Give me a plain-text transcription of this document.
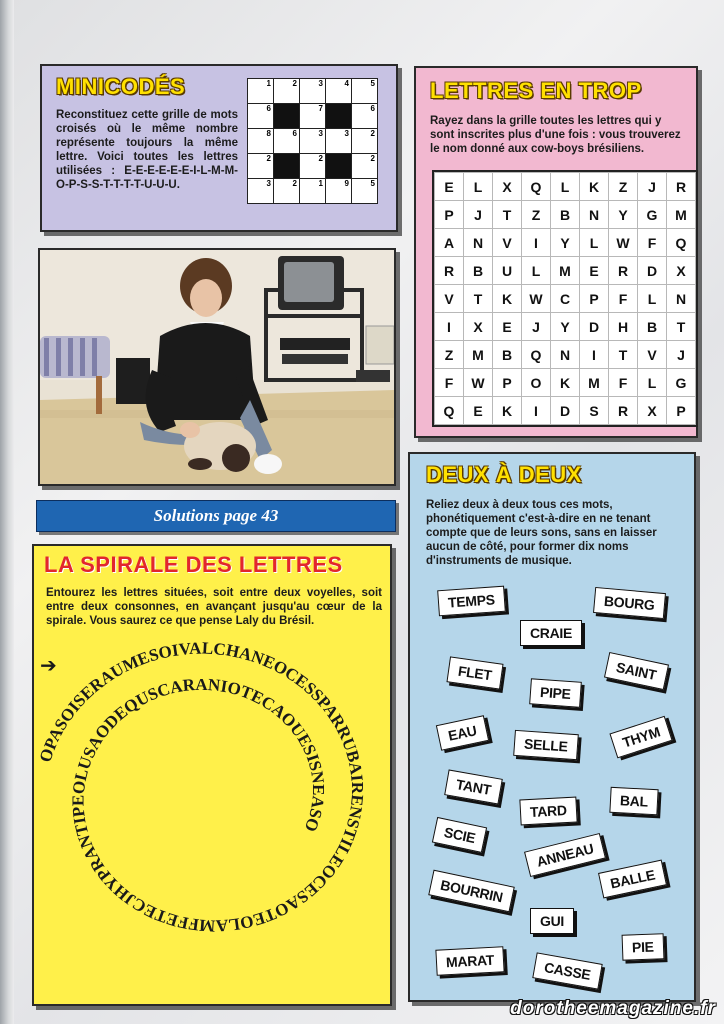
MINICODÉS
Reconstituez cette grille de mots croisés où le même nombre représente toujours la même lettre. Voici toutes les lettres utilisées : E-E-E-E-E-E-I-L-M-M-O-P-S-S-T-T-T-T-U-U-U.
1	2	3	4	5
6		7		6
8	6	3	3	2
2		2		2
3	2	1	9	5
LETTRES EN TROP
Rayez dans la grille toutes les lettres qui y sont inscrites plus d'une fois : vous trouverez le nom donné aux cow-boys brésiliens.
E	L	X	Q	L	K	Z	J	R
P	J	T	Z	B	N	Y	G	M
A	N	V	I	Y	L	W	F	Q
R	B	U	L	M	E	R	D	X
V	T	K	W	C	P	F	L	N
I	X	E	J	Y	D	H	B	T
Z	M	B	Q	N	I	T	V	J
F	W	P	O	K	M	F	L	G
Q	E	K	I	D	S	R	X	P
Solutions page 43
LA SPIRALE DES LETTRES
Entourez les lettres situées, soit entre deux voyelles, soit entre deux consonnes, en avançant jusqu'au cœur de la spirale. Vous saurez ce que pense Laly du Brésil.
➔
OPASOISERAUMESOIVALCHANEOCESSPARRUBAIRENSTILEOCESAOTEOLAMFFETECJHYPRANTIPEOLUSAODEQUSCARANIOTECAOUESISNEASO
DEUX À DEUX
Reliez deux à deux tous ces mots, phonétiquement c'est-à-dire en ne tenant compte que de leurs sons, sans en laisser aucun de côté, pour former dix noms d'instruments de musique.
TEMPS	BOURG
CRAIE
FLET	SAINT
PIPE
EAU
SELLE	THYM
TANT
BAL
TARD
SCIE
ANNEAU
BALLE
BOURRIN
GUI
PIE
MARAT	CASSE
dorotheemagazine.fr
